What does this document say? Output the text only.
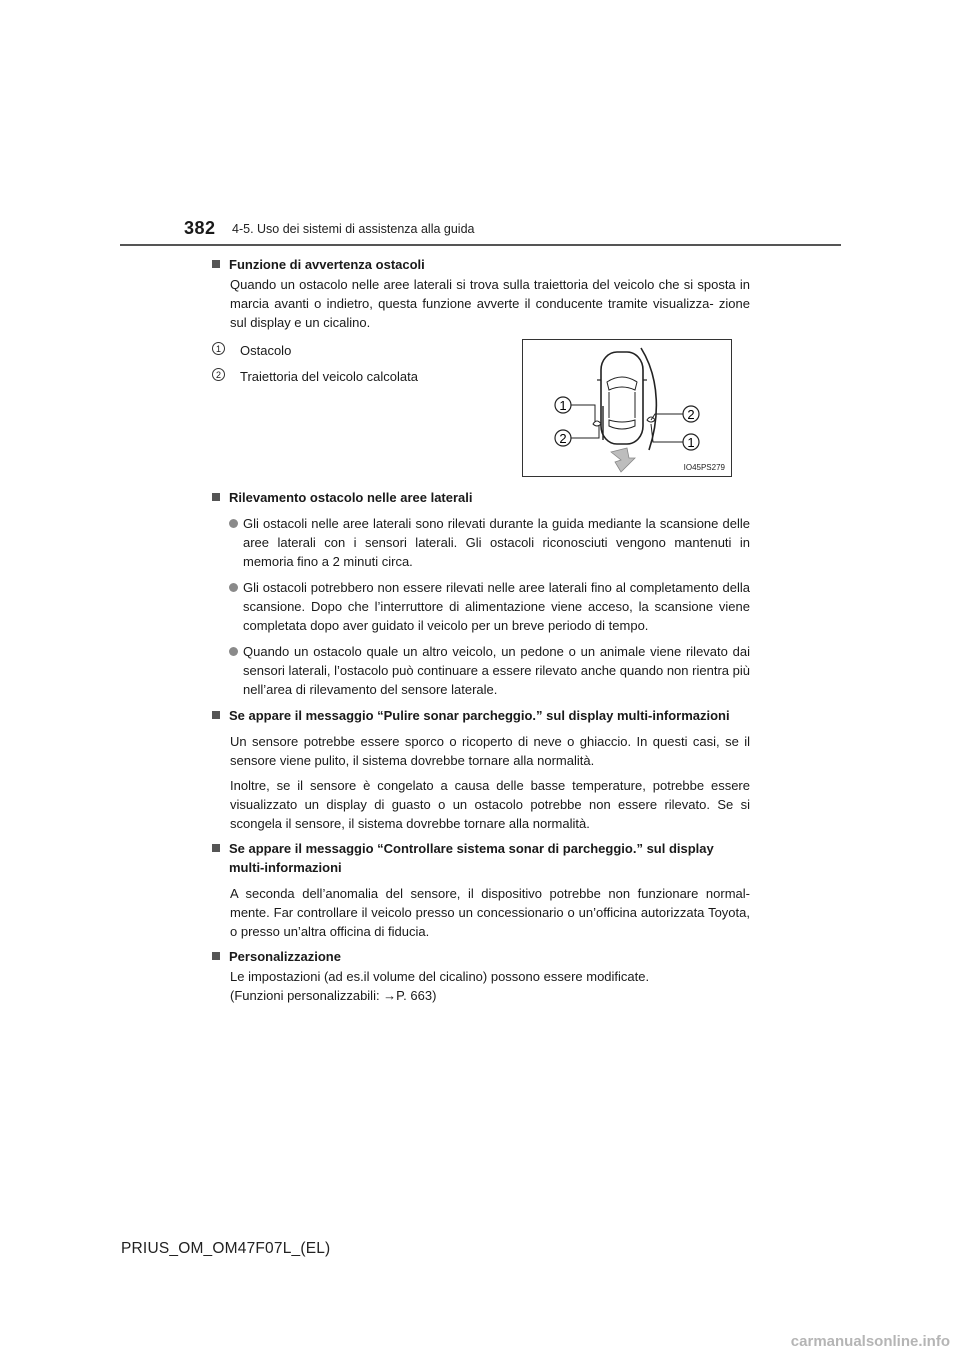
382 4-5. Uso dei sistemi di assistenza alla guida
Funzione di avvertenza ostacoli
Quando un ostacolo nelle aree laterali si trova sulla traiettoria del veicolo che si sposta in marcia avanti o indietro, questa funzione avverte il conducente tramite visualizza- zione sul display e un cicalino.
1	Ostacolo
2	Traiettoria del veicolo calcolata
Rilevamento ostacolo nelle aree laterali
Gli ostacoli nelle aree laterali sono rilevati durante la guida mediante la scansione delle aree laterali con i sensori laterali. Gli ostacoli riconosciuti vengono mantenuti in memoria fino a 2 minuti circa.
Gli ostacoli potrebbero non essere rilevati nelle aree laterali fino al completamento della scansione. Dopo che l’interruttore di alimentazione viene acceso, la scansione viene completata dopo aver guidato il veicolo per un breve periodo di tempo.
Quando un ostacolo quale un altro veicolo, un pedone o un animale viene rilevato dai sensori laterali, l’ostacolo può continuare a essere rilevato anche quando non rientra più nell’area di rilevamento del sensore laterale.
Se appare il messaggio “Pulire sonar parcheggio.” sul display multi-informazioni
Un sensore potrebbe essere sporco o ricoperto di neve o ghiaccio. In questi casi, se il sensore viene pulito, il sistema dovrebbe tornare alla normalità.
Inoltre, se il sensore è congelato a causa delle basse temperature, potrebbe essere visualizzato un display di guasto o un ostacolo potrebbe non essere rilevato. Se si scongela il sensore, il sistema dovrebbe tornare alla normalità.
Se appare il messaggio “Controllare sistema sonar di parcheggio.” sul display multi-informazioni
A seconda dell’anomalia del sensore, il dispositivo potrebbe non funzionare normal- mente. Far controllare il veicolo presso un concessionario o un’officina autorizzata Toyota, o presso un’altra officina di fiducia.
Personalizzazione
Le impostazioni (ad es.il volume del cicalino) possono essere modificate.
(Funzioni personalizzabili: →P. 663)
1
2
2
1
IO45PS279
PRIUS_OM_OM47F07L_(EL)
carmanualsonline.info
